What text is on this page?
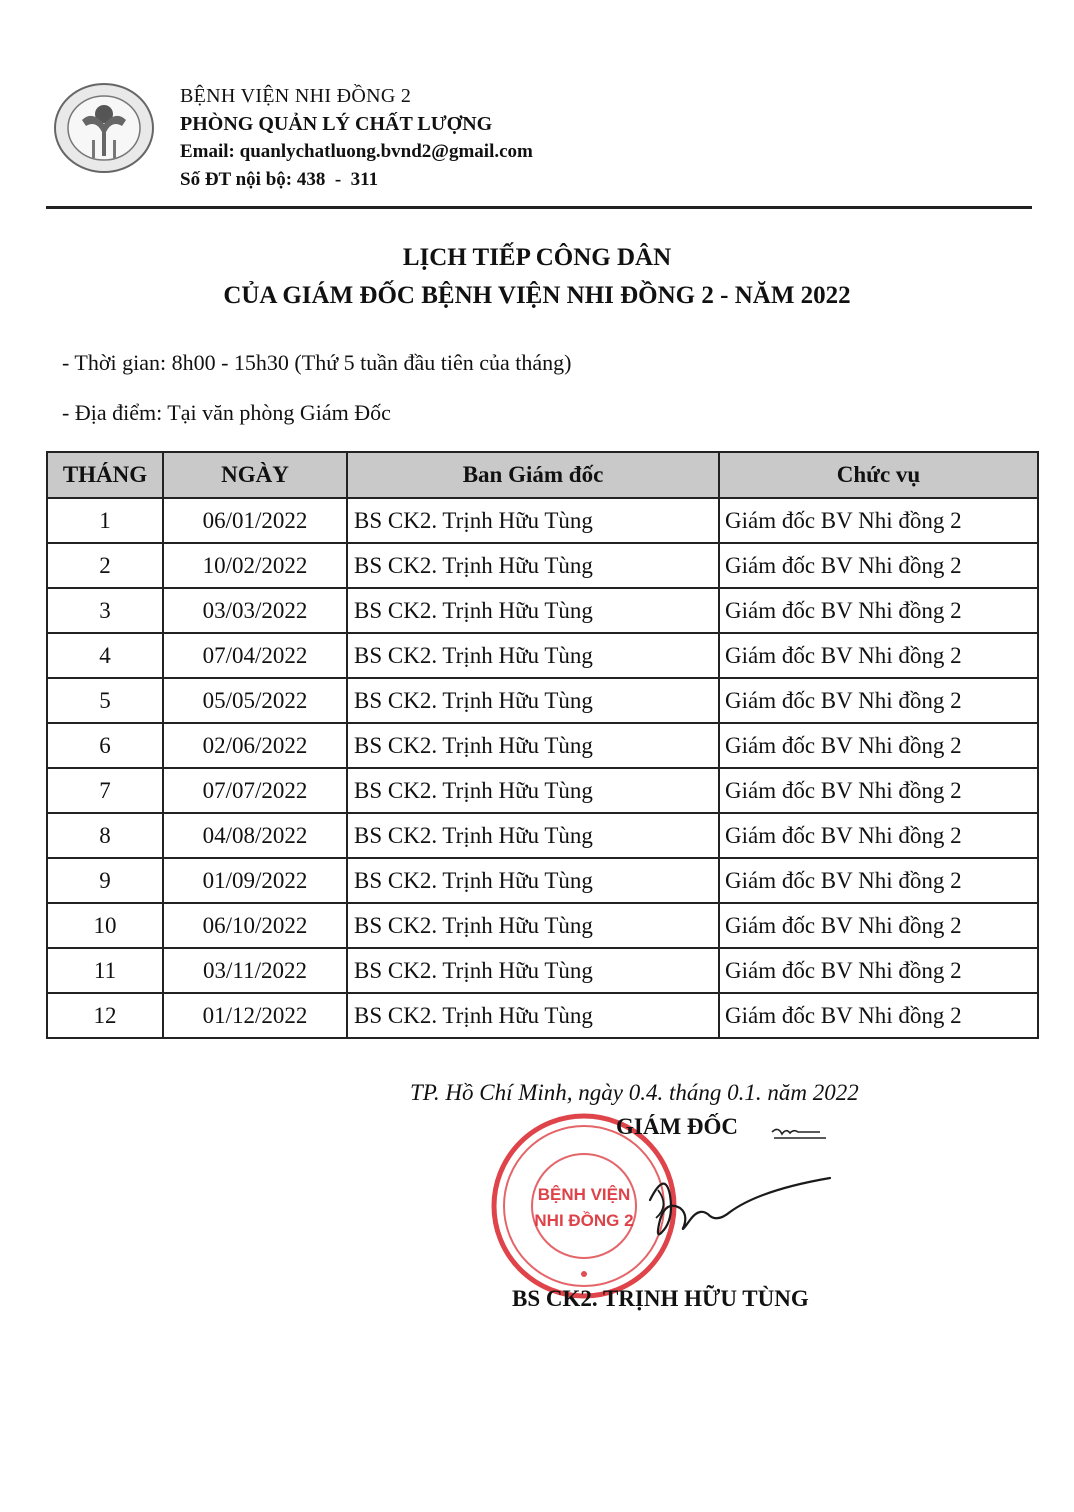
BỆNH VIỆN NHI ĐỒNG 2
PHÒNG QUẢN LÝ CHẤT LƯỢNG
Email: quanlychatluong.bvnd2@gmail.com
Số ĐT nội bộ: 438  -  311
LỊCH TIẾP CÔNG DÂN
CỦA GIÁM ĐỐC BỆNH VIỆN NHI ĐỒNG 2 - NĂM 2022
- Thời gian: 8h00 - 15h30 (Thứ 5 tuần đầu tiên của tháng)
- Địa điểm: Tại văn phòng Giám Đốc
THÁNG	NGÀY	Ban Giám đốc	Chức vụ
1	06/01/2022	BS CK2. Trịnh Hữu Tùng	Giám đốc BV Nhi đồng 2
2	10/02/2022	BS CK2. Trịnh Hữu Tùng	Giám đốc BV Nhi đồng 2
3	03/03/2022	BS CK2. Trịnh Hữu Tùng	Giám đốc BV Nhi đồng 2
4	07/04/2022	BS CK2. Trịnh Hữu Tùng	Giám đốc BV Nhi đồng 2
5	05/05/2022	BS CK2. Trịnh Hữu Tùng	Giám đốc BV Nhi đồng 2
6	02/06/2022	BS CK2. Trịnh Hữu Tùng	Giám đốc BV Nhi đồng 2
7	07/07/2022	BS CK2. Trịnh Hữu Tùng	Giám đốc BV Nhi đồng 2
8	04/08/2022	BS CK2. Trịnh Hữu Tùng	Giám đốc BV Nhi đồng 2
9	01/09/2022	BS CK2. Trịnh Hữu Tùng	Giám đốc BV Nhi đồng 2
10	06/10/2022	BS CK2. Trịnh Hữu Tùng	Giám đốc BV Nhi đồng 2
11	03/11/2022	BS CK2. Trịnh Hữu Tùng	Giám đốc BV Nhi đồng 2
12	01/12/2022	BS CK2. Trịnh Hữu Tùng	Giám đốc BV Nhi đồng 2
TP. Hồ Chí Minh, ngày 0.4. tháng 0.1. năm 2022
BỆNH VIỆN
NHI ĐỒNG 2
GIÁM ĐỐC
BS CK2. TRỊNH HỮU TÙNG
